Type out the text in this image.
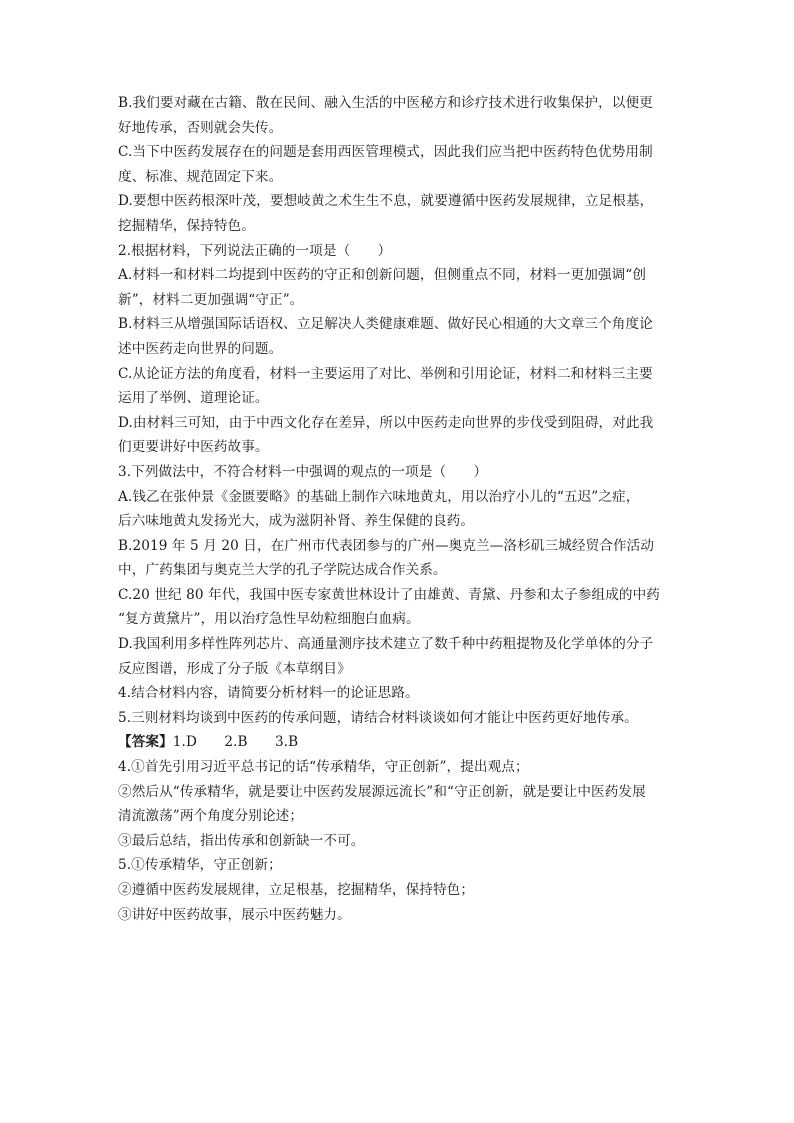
B.我们要对藏在古籍、散在民间、融入生活的中医秘方和诊疗技术进行收集保护，以便更
好地传承，否则就会失传。
C.当下中医药发展存在的问题是套用西医管理模式，因此我们应当把中医药特色优势用制
度、标准、规范固定下来。
D.要想中医药根深叶茂，要想岐黄之术生生不息，就要遵循中医药发展规律，立足根基，
挖掘精华，保持特色。
2.根据材料，下列说法正确的一项是（　　）
A.材料一和材料二均提到中医药的守正和创新问题，但侧重点不同，材料一更加强调“创
新”，材料二更加强调“守正”。
B.材料三从增强国际话语权、立足解决人类健康难题、做好民心相通的大文章三个角度论
述中医药走向世界的问题。
C.从论证方法的角度看，材料一主要运用了对比、举例和引用论证，材料二和材料三主要
运用了举例、道理论证。
D.由材料三可知，由于中西文化存在差异，所以中医药走向世界的步伐受到阻碍，对此我
们更要讲好中医药故事。
3.下列做法中，不符合材料一中强调的观点的一项是（　　）
A.钱乙在张仲景《金匮要略》的基础上制作六味地黄丸，用以治疗小儿的“五迟”之症，
后六味地黄丸发扬光大，成为滋阴补肾、养生保健的良药。
B.2019 年 5 月 20 日，在广州市代表团参与的广州—奥克兰—洛杉矶三城经贸合作活动
中，广药集团与奥克兰大学的孔子学院达成合作关系。
C.20 世纪 80 年代，我国中医专家黄世林设计了由雄黄、青黛、丹参和太子参组成的中药
“复方黄黛片”，用以治疗急性早幼粒细胞白血病。
D.我国利用多样性阵列芯片、高通量测序技术建立了数千种中药粗提物及化学单体的分子
反应图谱，形成了分子版《本草纲目》
4.结合材料内容，请简要分析材料一的论证思路。
5.三则材料均谈到中医药的传承问题，请结合材料谈谈如何才能让中医药更好地传承。
【答案】1.D　　2.B　　3.B
4.①首先引用习近平总书记的话“传承精华，守正创新”，提出观点；
②然后从“传承精华，就是要让中医药发展源远流长”和“守正创新，就是要让中医药发展
清流激荡”两个角度分别论述；
③最后总结，指出传承和创新缺一不可。
5.①传承精华，守正创新；
②遵循中医药发展规律，立足根基，挖掘精华，保持特色；
③讲好中医药故事，展示中医药魅力。
